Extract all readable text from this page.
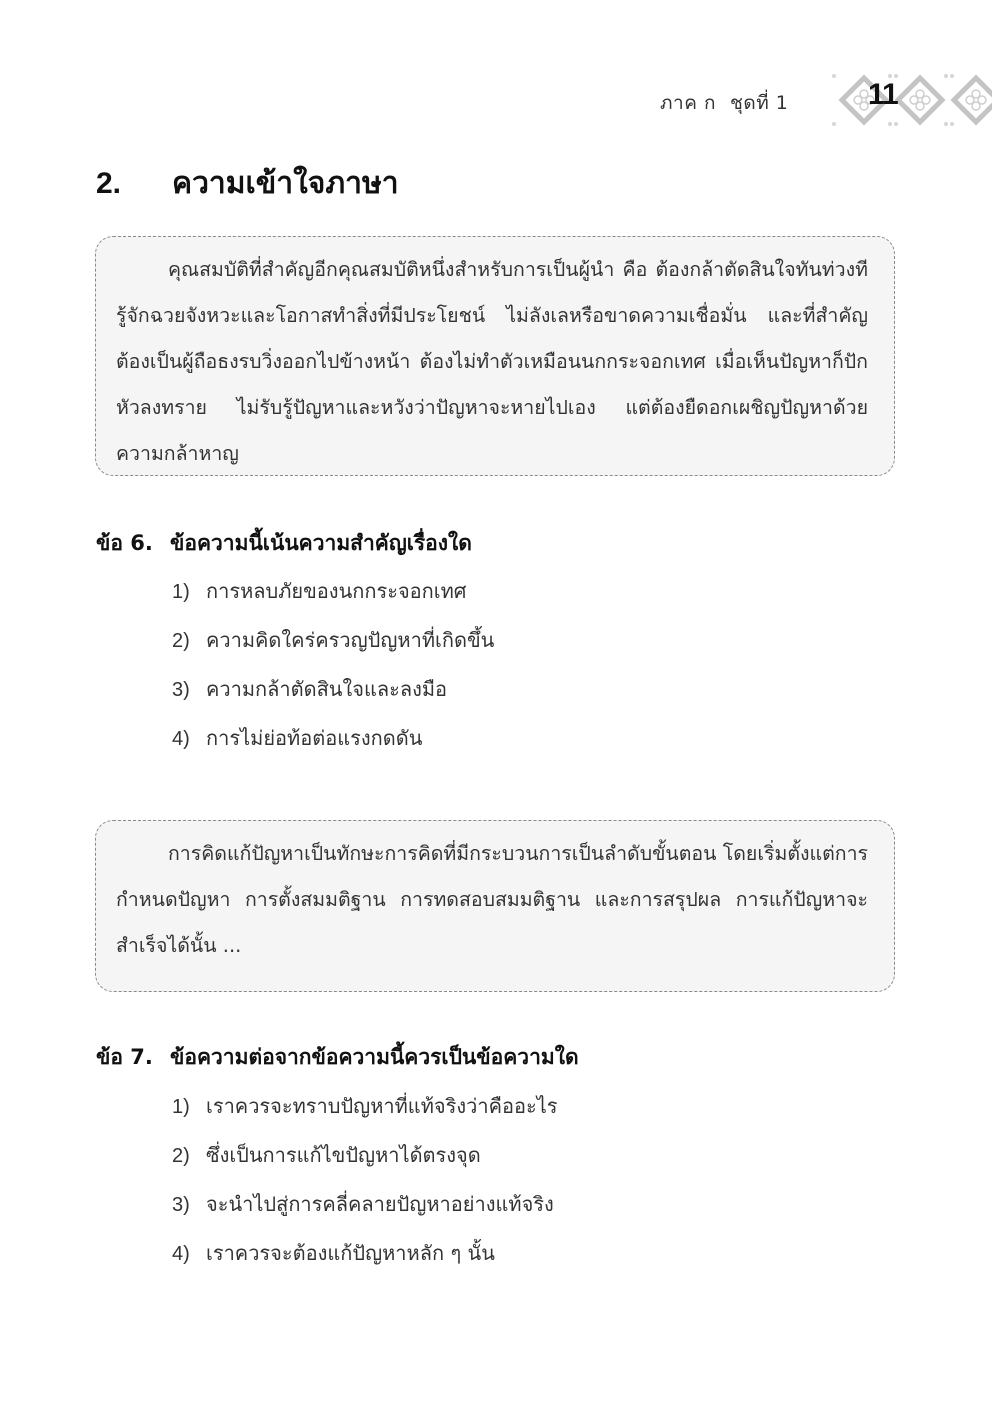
ภาค ก ชุดที่ 1	11
2. ความเข้าใจภาษา

คุณสมบัติที่สำคัญอีกคุณสมบัติหนึ่งสำหรับการเป็นผู้นำ คือ ต้องกล้าตัดสินใจทันท่วงที รู้จักฉวยจังหวะและโอกาสทำสิ่งที่มีประโยชน์ ไม่ลังเลหรือขาดความเชื่อมั่น และที่สำคัญต้องเป็นผู้ถือธงรบวิ่งออกไปข้างหน้า ต้องไม่ทำตัวเหมือนนกกระจอกเทศ เมื่อเห็นปัญหาก็ปักหัวลงทราย ไม่รับรู้ปัญหาและหวังว่าปัญหาจะหายไปเอง แต่ต้องยืดอกเผชิญปัญหาด้วยความกล้าหาญ

ข้อ 6. ข้อความนี้เน้นความสำคัญเรื่องใด
1) การหลบภัยของนกกระจอกเทศ
2) ความคิดใคร่ครวญปัญหาที่เกิดขึ้น
3) ความกล้าตัดสินใจและลงมือ
4) การไม่ย่อท้อต่อแรงกดดัน

การคิดแก้ปัญหาเป็นทักษะการคิดที่มีกระบวนการเป็นลำดับขั้นตอน โดยเริ่มตั้งแต่การกำหนดปัญหา การตั้งสมมติฐาน การทดสอบสมมติฐาน และการสรุปผล การแก้ปัญหาจะสำเร็จได้นั้น ...

ข้อ 7. ข้อความต่อจากข้อความนี้ควรเป็นข้อความใด
1) เราควรจะทราบปัญหาที่แท้จริงว่าคืออะไร
2) ซึ่งเป็นการแก้ไขปัญหาได้ตรงจุด
3) จะนำไปสู่การคลี่คลายปัญหาอย่างแท้จริง
4) เราควรจะต้องแก้ปัญหาหลัก ๆ นั้น
